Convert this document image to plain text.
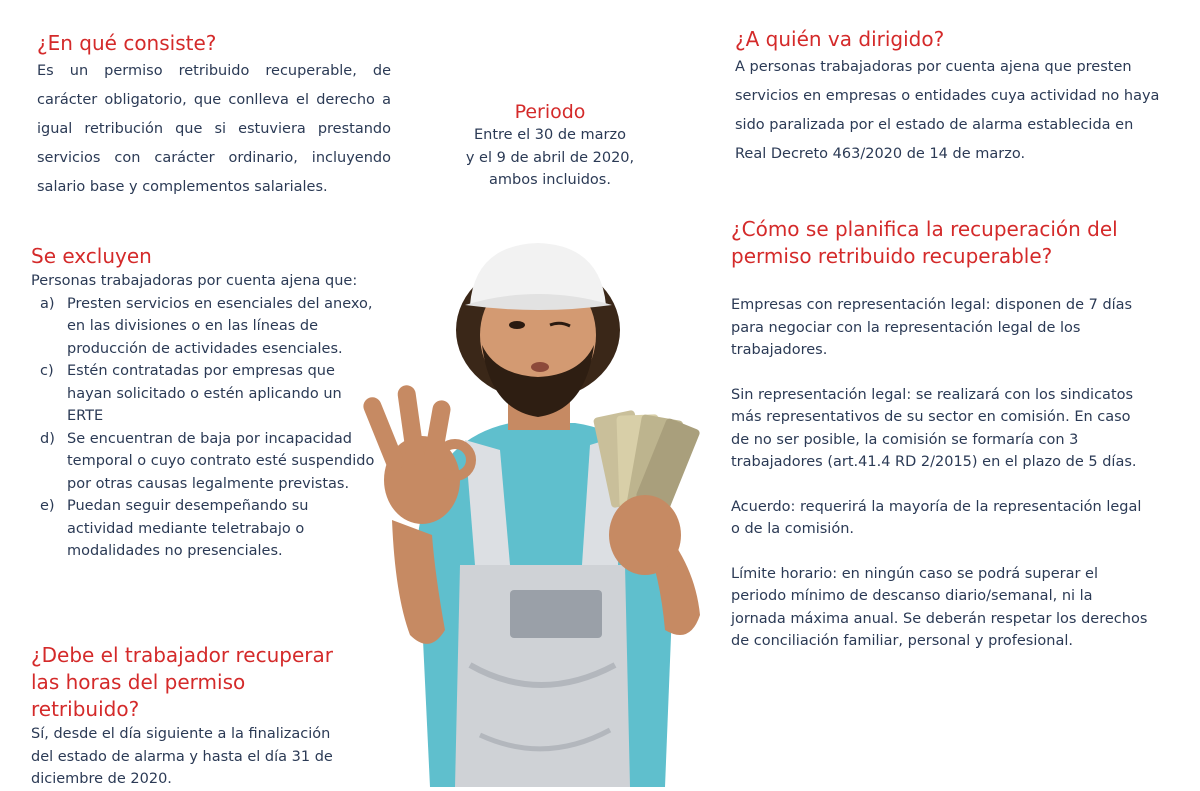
¿En qué consiste?

Es un permiso retribuido recuperable, de carácter obligatorio, que conlleva el derecho a igual retribución que si estuviera prestando servicios con carácter ordinario, incluyendo salario base y complementos salariales.

Periodo
Entre el 30 de marzo
y el 9 de abril de 2020,
ambos incluidos.
¿A quién va dirigido?

A personas trabajadoras por cuenta ajena que presten servicios en empresas o entidades cuya actividad no haya sido paralizada por el estado de alarma establecida en Real Decreto 463/2020 de 14 de marzo.

Se excluyen

Personas trabajadoras por cuenta ajena que:

a) Presten servicios en esenciales del anexo, en las divisiones o en las líneas de producción de actividades esenciales.
c) Estén contratadas por empresas que hayan solicitado o estén aplicando un ERTE
d) Se encuentran de baja por incapacidad temporal o cuyo contrato esté suspendido por otras causas legalmente previstas.
e) Puedan seguir desempeñando su actividad mediante teletrabajo o modalidades no presenciales.
¿Debe el trabajador recuperar las horas del permiso retribuido?

Sí, desde el día siguiente a la finalización del estado de alarma y hasta el día 31 de diciembre de 2020.

¿Cómo se planifica la recuperación del permiso retribuido recuperable?

Empresas con representación legal: disponen de 7 días para negociar con la representación legal de los trabajadores.

Sin representación legal: se realizará con los sindicatos más representativos de su sector en comisión. En caso de no ser posible, la comisión se formaría con 3 trabajadores (art.41.4 RD 2/2015) en el plazo de 5 días.

Acuerdo: requerirá la mayoría de la representación legal o de la comisión.

Límite horario: en ningún caso se podrá superar el periodo mínimo de descanso diario/semanal, ni la jornada máxima anual. Se deberán respetar los derechos de conciliación familiar, personal y profesional.
